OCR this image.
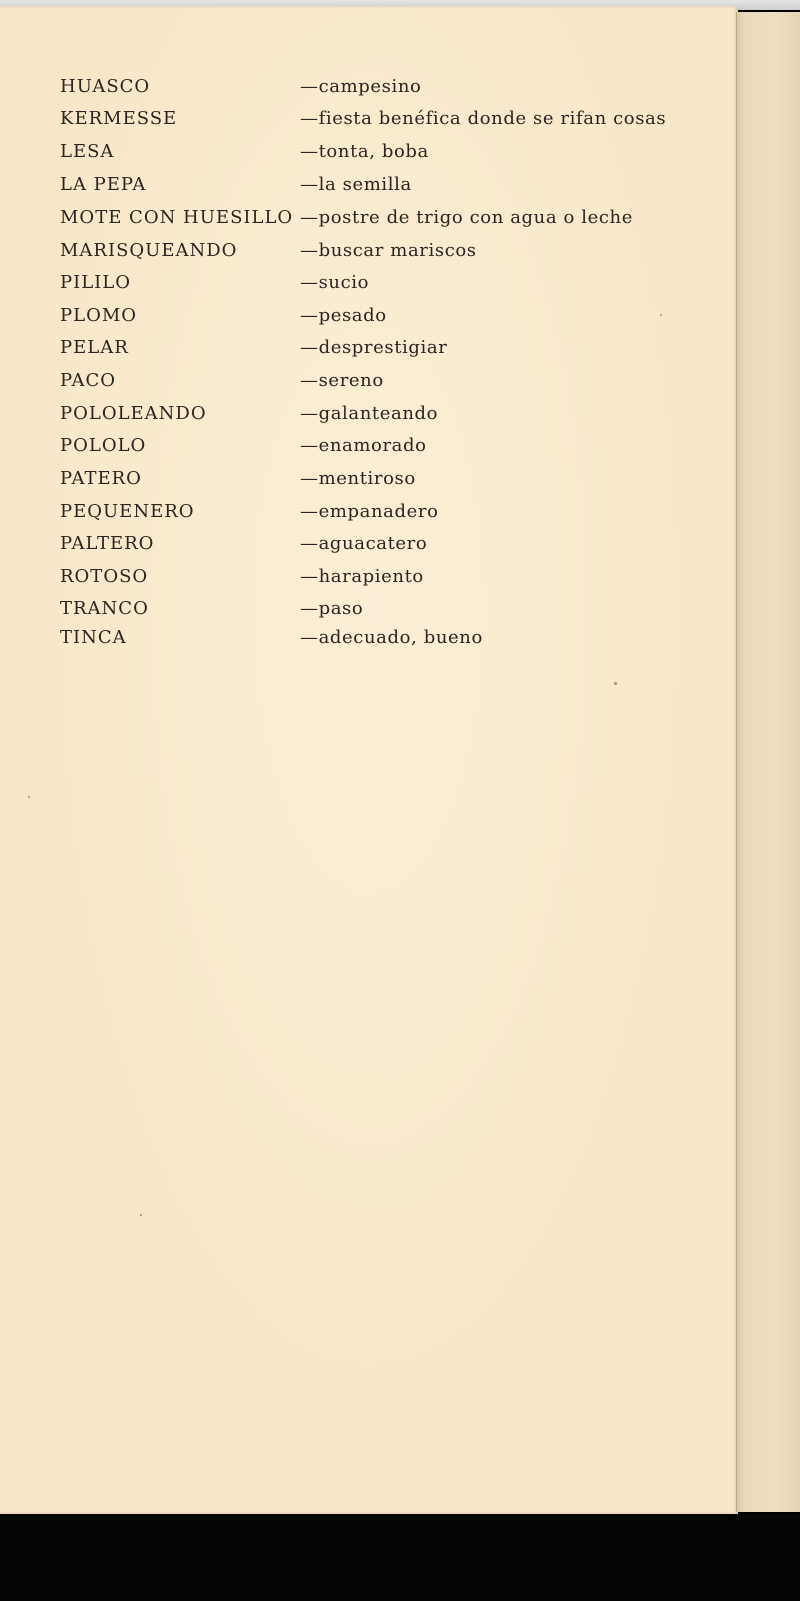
HUASCO	—campesino
KERMESSE	—fiesta benéfica donde se rifan cosas
LESA	—tonta, boba
LA PEPA	—la semilla
MOTE CON HUESILLO —postre de trigo con agua o leche
MARISQUEANDO	—buscar mariscos
PILILO	—sucio
PLOMO	—pesado
PELAR	—desprestigiar
PACO	—sereno
POLOLEANDO	—galanteando
POLOLO	—enamorado
PATERO	—mentiroso
PEQUENERO	—empanadero
PALTERO	—aguacatero
ROTOSO	—harapiento
TRANCO	—paso
TINCA	—adecuado, bueno
